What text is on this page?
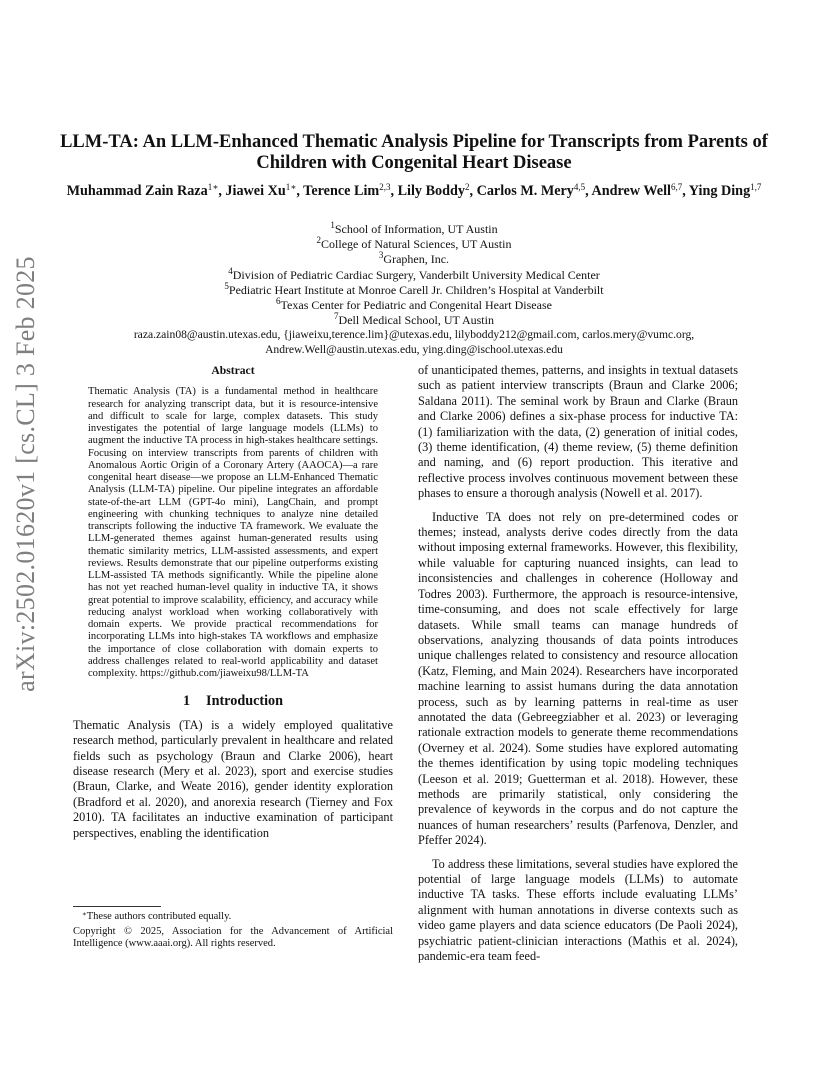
arXiv:2502.01620v1 [cs.CL] 3 Feb 2025
LLM-TA: An LLM-Enhanced Thematic Analysis Pipeline for Transcripts from Parents of Children with Congenital Heart Disease
Muhammad Zain Raza$^{1∗}$, Jiawei $Xu^{1∗}$, Terence Lim$^{2,3}$, Lily Boddy$^2$, Carlos M. Mery$^{4,5}$, Andrew Well$^{6,7}$, Ying Ding$^{1,7}$
$^1$School of Information, UT Austin
$^2$College of Natural Sciences, UT Austin
$^3$Graphen, Inc.
$^4$Division of Pediatric Cardiac Surgery, Vanderbilt University Medical Center
$^5$Pediatric Heart Institute at Monroe Carell Jr. Children’s Hospital at Vanderbilt
$^6$Texas Center for Pediatric and Congenital Heart Disease
$^7$Dell Medical School, UT Austin
raza.zain08@austin.utexas.edu, {jiaweixu,terence.lim}@utexas.edu, lilyboddy212@gmail.com, carlos.mery@vumc.org,
Andrew.Well@austin.utexas.edu, ying.ding@ischool.utexas.edu
Abstract

Thematic Analysis (TA) is a fundamental method in healthcare research for analyzing transcript data, but it is resource-intensive and difficult to scale for large, complex datasets. This study investigates the potential of large language models (LLMs) to augment the inductive TA process in high-stakes healthcare settings. Focusing on interview transcripts from parents of children with Anomalous Aortic Origin of a Coronary Artery (AAOCA)—a rare congenital heart disease—we propose an LLM-Enhanced Thematic Analysis (LLM-TA) pipeline. Our pipeline integrates an affordable state-of-the-art LLM (GPT-4o mini), LangChain, and prompt engineering with chunking techniques to analyze nine detailed transcripts following the inductive TA framework. We evaluate the LLM-generated themes against human-generated results using thematic similarity metrics, LLM-assisted assessments, and expert reviews. Results demonstrate that our pipeline outperforms existing LLM-assisted TA methods significantly. While the pipeline alone has not yet reached human-level quality in inductive TA, it shows great potential to improve scalability, efficiency, and accuracy while reducing analyst workload when working collaboratively with domain experts. We provide practical recommendations for incorporating LLMs into high-stakes TA workflows and emphasize the importance of close collaboration with domain experts to address challenges related to real-world applicability and dataset complexity. https://github.com/jiaweixu98/LLM-TA

1 Introduction

Thematic Analysis (TA) is a widely employed qualitative research method, particularly prevalent in healthcare and related fields such as psychology (Braun and Clarke 2006), heart disease research (Mery et al. 2023), sport and exercise studies (Braun, Clarke, and Weate 2016), gender identity exploration (Bradford et al. 2020), and anorexia research (Tierney and Fox 2010). TA facilitates an inductive examination of participant perspectives, enabling the identification

∗These authors contributed equally.
Copyright © 2025, Association for the Advancement of Artificial Intelligence (www.aaai.org). All rights reserved.

of unanticipated themes, patterns, and insights in textual datasets such as patient interview transcripts (Braun and Clarke 2006; Saldana 2011). The seminal work by Braun and Clarke (Braun and Clarke 2006) defines a six-phase process for inductive TA: (1) familiarization with the data, (2) generation of initial codes, (3) theme identification, (4) theme review, (5) theme definition and naming, and (6) report production. This iterative and reflective process involves continuous movement between these phases to ensure a thorough analysis (Nowell et al. 2017).

Inductive TA does not rely on pre-determined codes or themes; instead, analysts derive codes directly from the data without imposing external frameworks. However, this flexibility, while valuable for capturing nuanced insights, can lead to inconsistencies and challenges in coherence (Holloway and Todres 2003). Furthermore, the approach is resource-intensive, time-consuming, and does not scale effectively for large datasets. While small teams can manage hundreds of observations, analyzing thousands of data points introduces unique challenges related to consistency and resource allocation (Katz, Fleming, and Main 2024). Researchers have incorporated machine learning to assist humans during the data annotation process, such as by learning patterns in real-time as user annotated the data (Gebreegziabher et al. 2023) or leveraging rationale extraction models to generate theme recommendations (Overney et al. 2024). Some studies have explored automating the themes identification by using topic modeling techniques (Leeson et al. 2019; Guetterman et al. 2018). However, these methods are primarily statistical, only considering the prevalence of keywords in the corpus and do not capture the nuances of human researchers’ results (Parfenova, Denzler, and Pfeffer 2024).

To address these limitations, several studies have explored the potential of large language models (LLMs) to automate inductive TA tasks. These efforts include evaluating LLMs’ alignment with human annotations in diverse contexts such as video game players and data science educators (De Paoli 2024), psychiatric patient-clinician interactions (Mathis et al. 2024), pandemic-era team feed-
